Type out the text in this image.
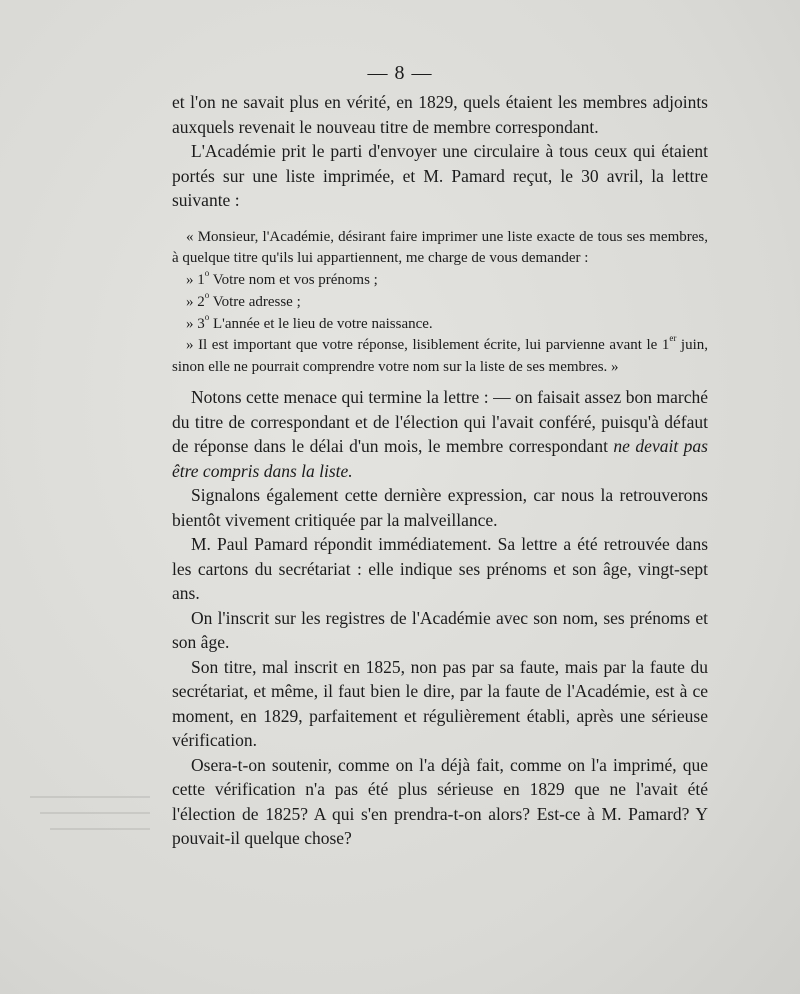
— 8 —

et l'on ne savait plus en vérité, en 1829, quels étaient les membres adjoints auxquels revenait le nouveau titre de membre correspondant.

L'Académie prit le parti d'envoyer une circulaire à tous ceux qui étaient portés sur une liste imprimée, et M. Pamard reçut, le 30 avril, la lettre suivante :

« Monsieur, l'Académie, désirant faire imprimer une liste exacte de tous ses membres, à quelque titre qu'ils lui appartiennent, me charge de vous demander :

» 1$^o$ Votre nom et vos prénoms ;

» 2$^o$ Votre adresse ;

» 3$^o$ L'année et le lieu de votre naissance.

» Il est important que votre réponse, lisiblement écrite, lui parvienne avant le 1er juin, sinon elle ne pourrait comprendre votre nom sur la liste de ses membres. »

Notons cette menace qui termine la lettre : — on faisait assez bon marché du titre de correspondant et de l'élection qui l'avait conféré, puisqu'à défaut de réponse dans le délai d'un mois, le membre correspondant ne devait pas être compris dans la liste.

Signalons également cette dernière expression, car nous la retrouverons bientôt vivement critiquée par la malveillance.

M. Paul Pamard répondit immédiatement. Sa lettre a été retrouvée dans les cartons du secrétariat : elle indique ses prénoms et son âge, vingt-sept ans.

On l'inscrit sur les registres de l'Académie avec son nom, ses prénoms et son âge.

Son titre, mal inscrit en 1825, non pas par sa faute, mais par la faute du secrétariat, et même, il faut bien le dire, par la faute de l'Académie, est à ce moment, en 1829, parfaitement et régulièrement établi, après une sérieuse vérification.

Osera-t-on soutenir, comme on l'a déjà fait, comme on l'a imprimé, que cette vérification n'a pas été plus sérieuse en 1829 que ne l'avait été l'élection de 1825? A qui s'en prendra-t-on alors? Est-ce à M. Pamard? Y pouvait-il quelque chose?
